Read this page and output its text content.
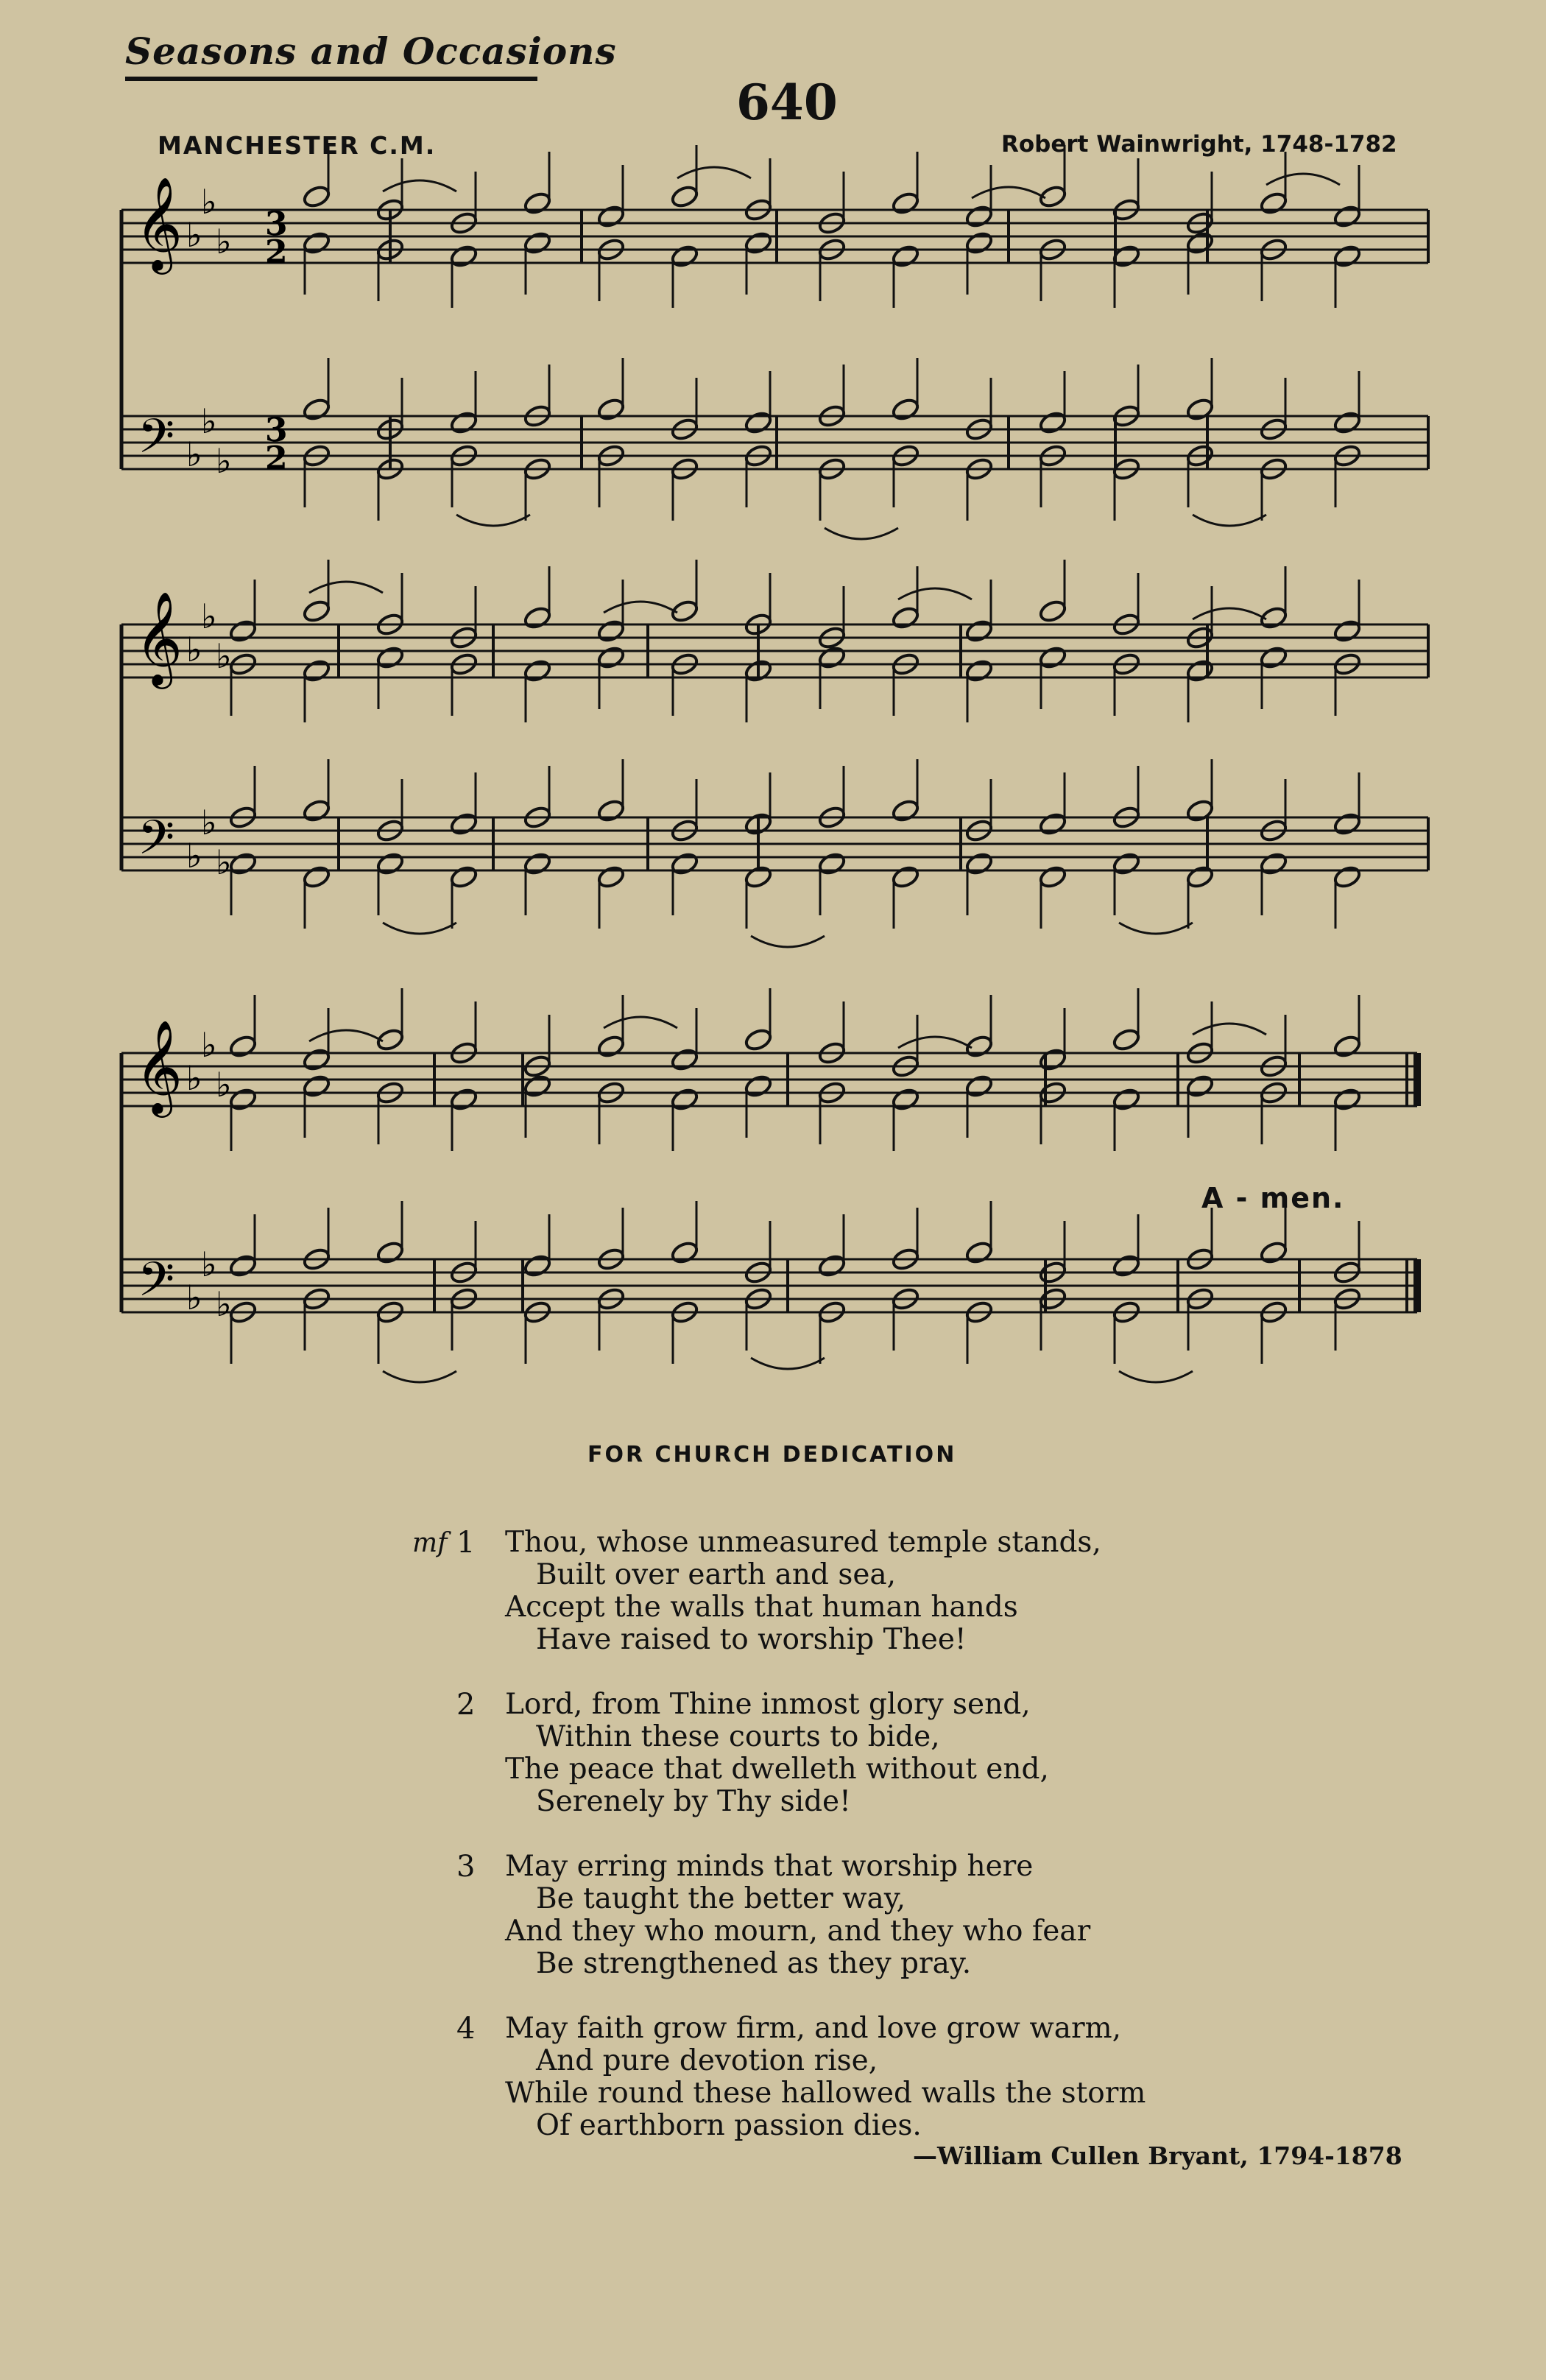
Seasons and Occasions
640
MANCHESTER C.M.	Robert Wainwright, 1748-1782
𝄞
𝄢
♭
♭
♭
♭
♭
♭
3
2
3
2
𝄞
𝄢
♭
♭
♭
♭
♭
♭
𝄞
𝄢
♭
♭
♭
♭
♭
♭
A - men.
FOR CHURCH DEDICATION
mf 1 Thou, whose unmeasured temple stands,
Built over earth and sea,
Accept the walls that human hands
Have raised to worship Thee!
2 Lord, from Thine inmost glory send,
Within these courts to bide,
The peace that dwelleth without end,
Serenely by Thy side!
3 May erring minds that worship here
Be taught the better way,
And they who mourn, and they who fear
Be strengthened as they pray.
4 May faith grow firm, and love grow warm,
And pure devotion rise,
While round these hallowed walls the storm
Of earthborn passion dies.
—William Cullen Bryant, 1794-1878
